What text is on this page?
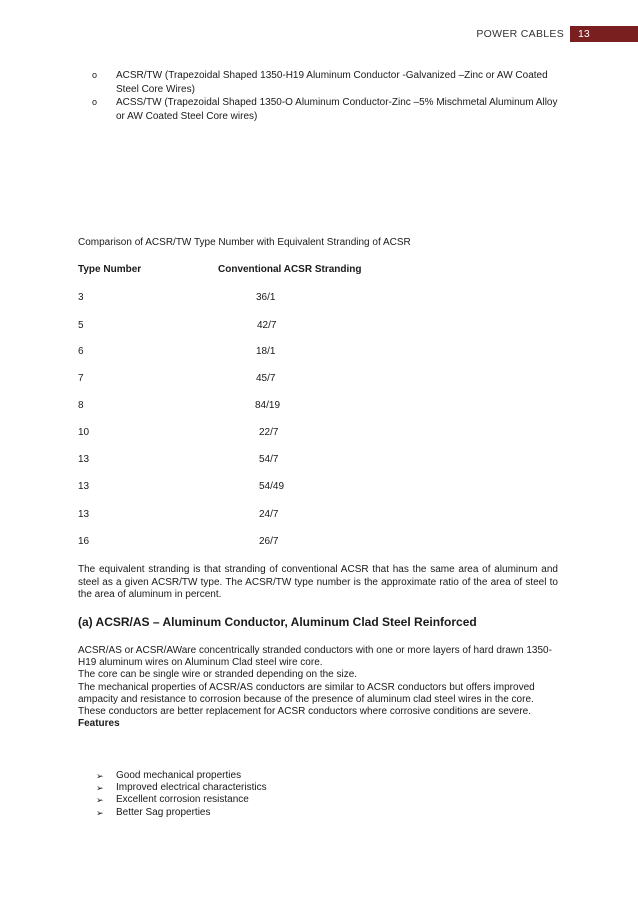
POWER CABLES	13
o	ACSR/TW (Trapezoidal Shaped 1350-H19 Aluminum Conductor -Galvanized –Zinc or AW Coated Steel Core Wires)
o	ACSS/TW (Trapezoidal Shaped 1350-O Aluminum Conductor-Zinc –5% Mischmetal Aluminum Alloy or AW Coated Steel Core wires)
Comparison of ACSR/TW Type Number with Equivalent Stranding of ACSR
Type Number	Conventional ACSR Stranding
3	36/1
5	42/7
6	18/1
7	45/7
8	84/19
10	22/7
13	54/7
13	54/49
13	24/7
16	26/7
The equivalent stranding is that stranding of conventional ACSR that has the same area of aluminum and steel as a given ACSR/TW type. The ACSR/TW type number is the approximate ratio of the area of steel to the area of aluminum in percent.
(a) ACSR/AS – Aluminum Conductor, Aluminum Clad Steel Reinforced

ACSR/AS or ACSR/AWare concentrically stranded conductors with one or more layers of hard drawn 1350-H19 aluminum wires on Aluminum Clad steel wire core.

The core can be single wire or stranded depending on the size.

The mechanical properties of ACSR/AS conductors are similar to ACSR conductors but offers improved ampacity and resistance to corrosion because of the presence of aluminum clad steel wires in the core.

These conductors are better replacement for ACSR conductors where corrosive conditions are severe.

Features

➢	Good mechanical properties
➢	Improved electrical characteristics
➢	Excellent corrosion resistance
➢	Better Sag properties
